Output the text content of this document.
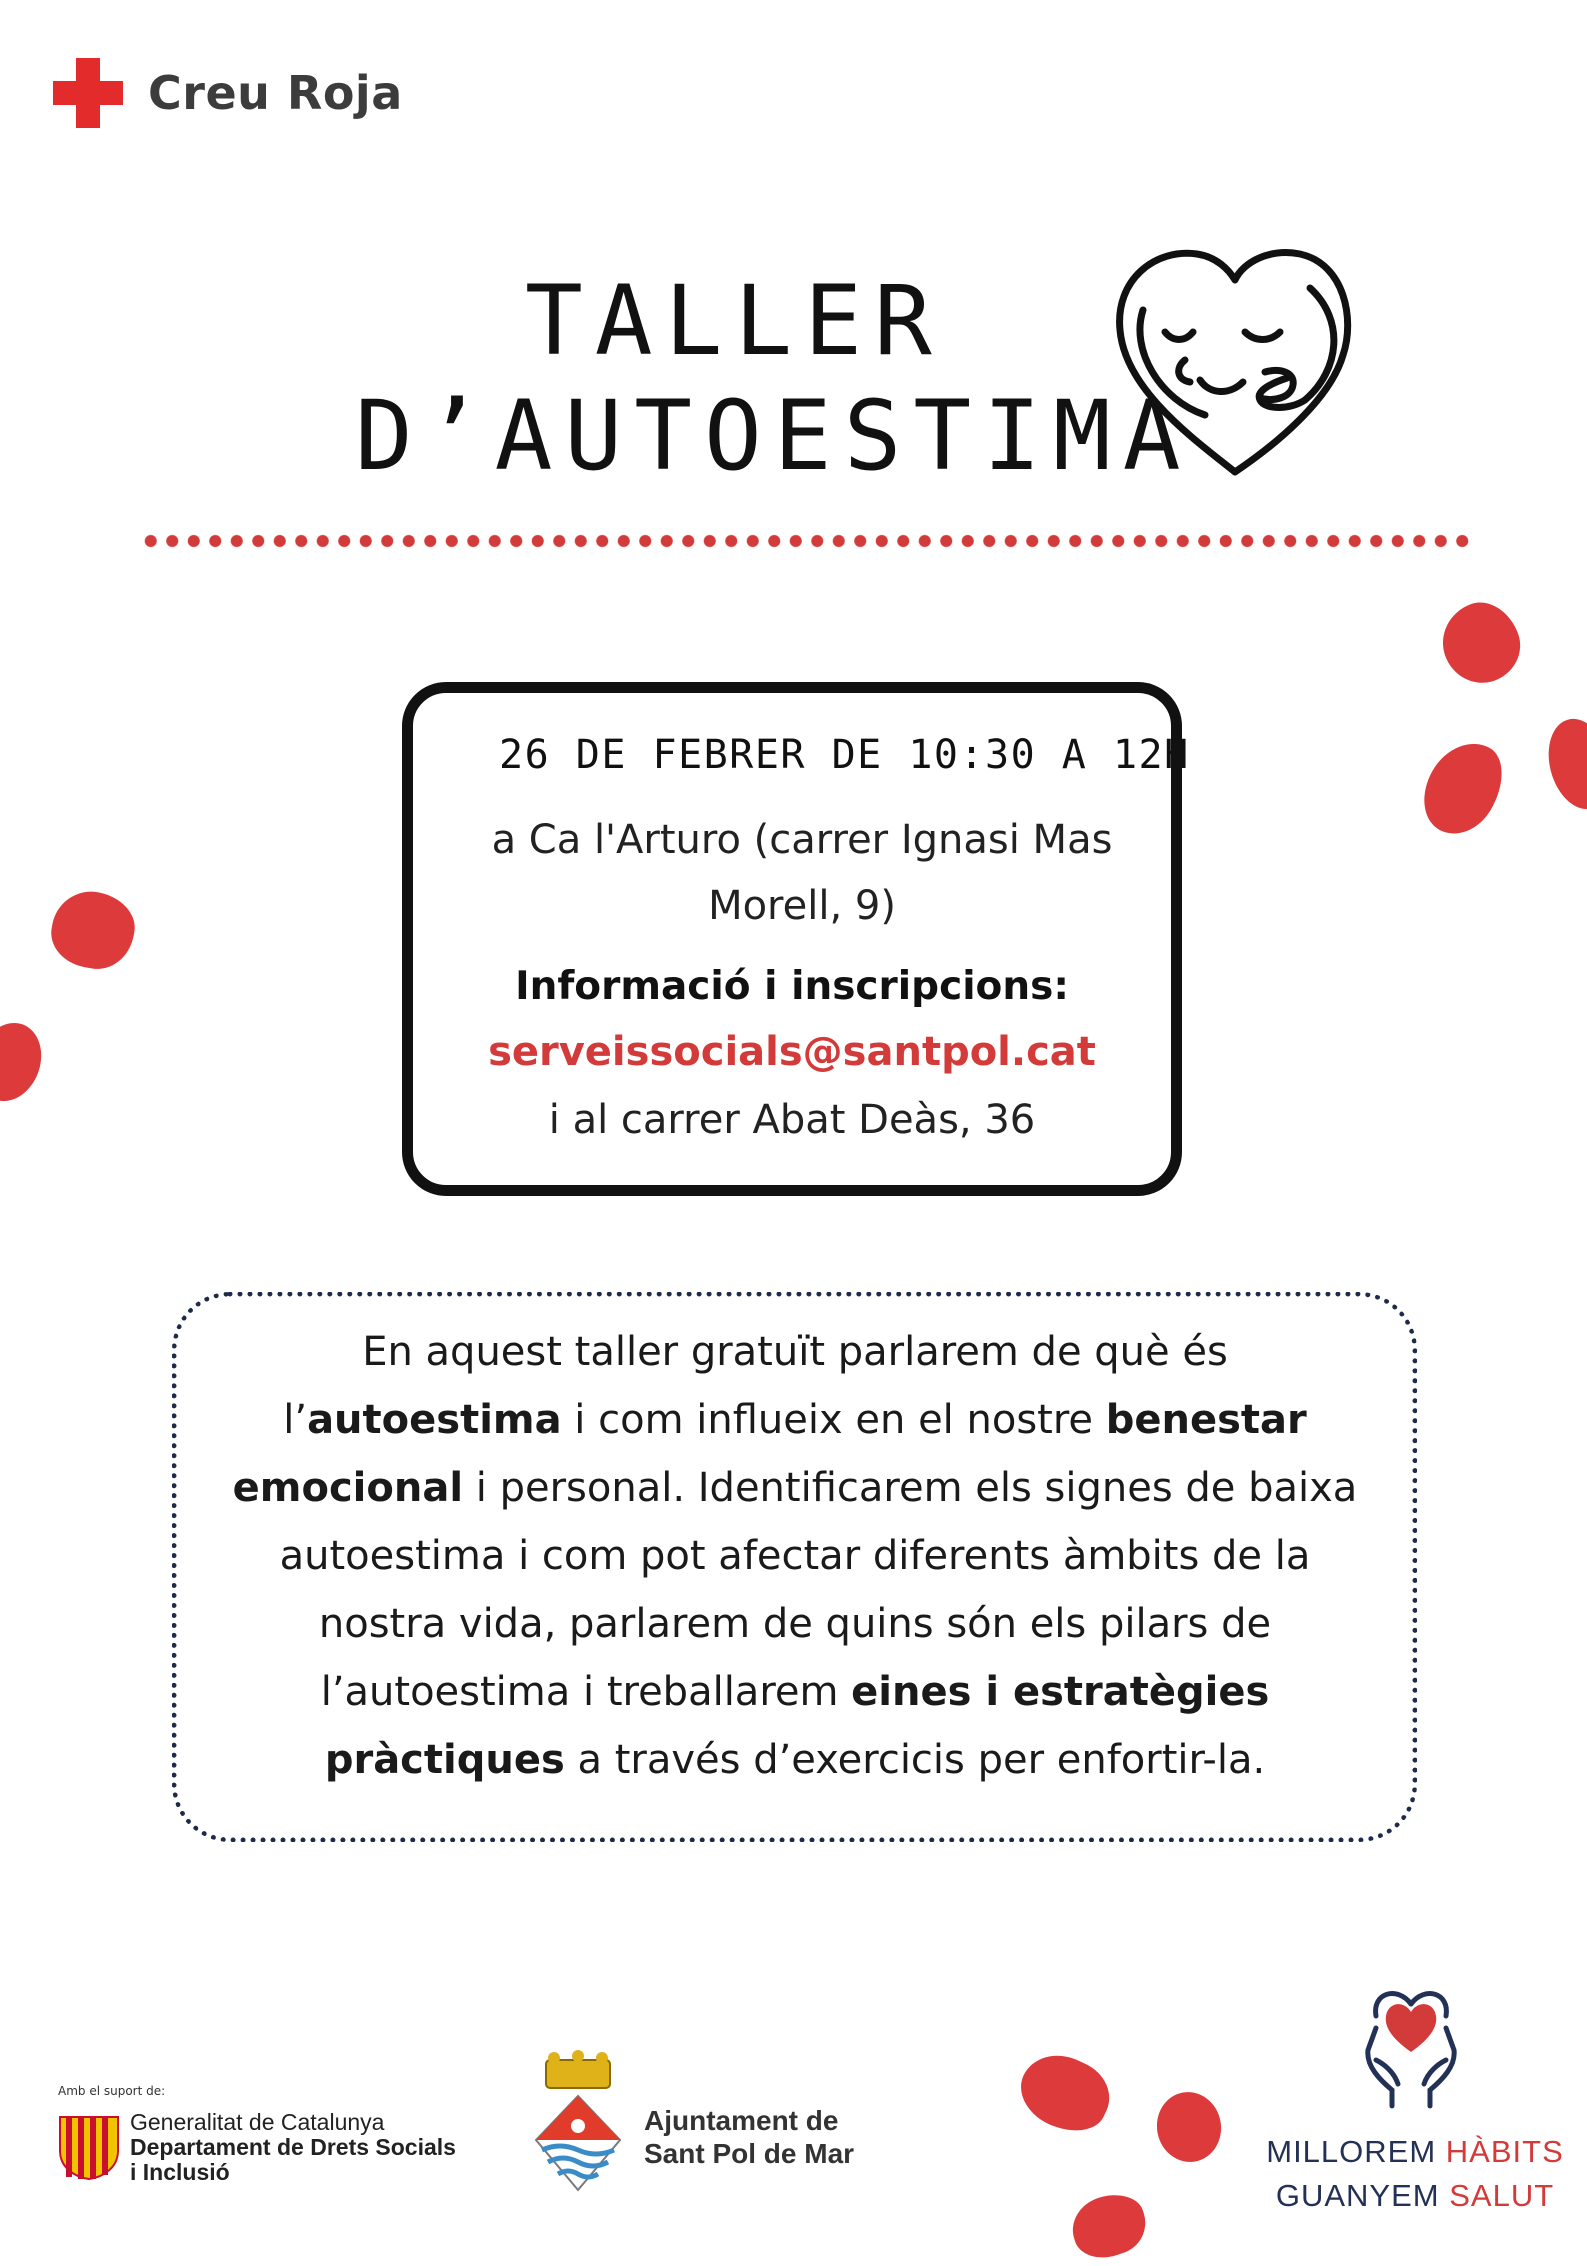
Creu Roja
TALLER
D’AUTOESTIMA
26 DE FEBRER DE 10:30 A 12H
a Ca l'Arturo (carrer Ignasi Mas Morell, 9)
Informació i inscripcions:
serveissocials@santpol.cat
i al carrer Abat Deàs, 36
En aquest taller gratuït parlarem de què és l’autoestima i com influeix en el nostre benestar emocional i personal. Identificarem els signes de baixa autoestima i com pot afectar diferents àmbits de la nostra vida, parlarem de quins són els pilars de l’autoestima i treballarem eines i estratègies pràctiques a través d’exercicis per enfortir-la.
Amb el suport de:
Generalitat de Catalunya
Departament de Drets Socials
i Inclusió
Ajuntament de
Sant Pol de Mar	MILLOREM HÀBITS
GUANYEM SALUT
